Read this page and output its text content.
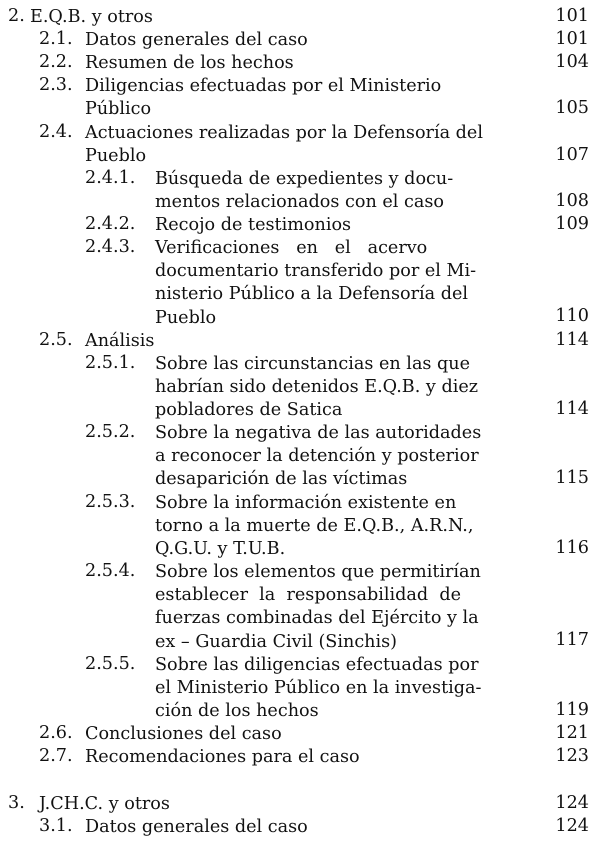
2. E.Q.B. y otros	101
2.1. Datos generales del caso	101
2.2. Resumen de los hechos	104
2.3. Diligencias efectuadas por el Ministerio
Público	105
2.4. Actuaciones realizadas por la Defensoría del
Pueblo	107
2.4.1.	Búsqueda de expedientes y docu-
mentos relacionados con el caso	108
2.4.2.	Recojo de testimonios	109
2.4.3.	Verificaciones   en   el   acervo
documentario transferido por el Mi-
nisterio Público a la Defensoría del
Pueblo	110
2.5. Análisis	114
2.5.1.	Sobre las circunstancias en las que
habrían sido detenidos E.Q.B. y diez
pobladores de Satica	114
2.5.2.	Sobre la negativa de las autoridades
a reconocer la detención y posterior
desaparición de las víctimas	115
2.5.3.	Sobre la información existente en
torno a la muerte de E.Q.B., A.R.N.,
Q.G.U. y T.U.B.	116
2.5.4.	Sobre los elementos que permitirían
establecer  la  responsabilidad  de
fuerzas combinadas del Ejército y la
ex – Guardia Civil (Sinchis)	117
2.5.5.	Sobre las diligencias efectuadas por
el Ministerio Público en la investiga-
ción de los hechos	119
2.6. Conclusiones del caso	121
2.7. Recomendaciones para el caso	123
3. J.CH.C. y otros	124
3.1. Datos generales del caso	124
